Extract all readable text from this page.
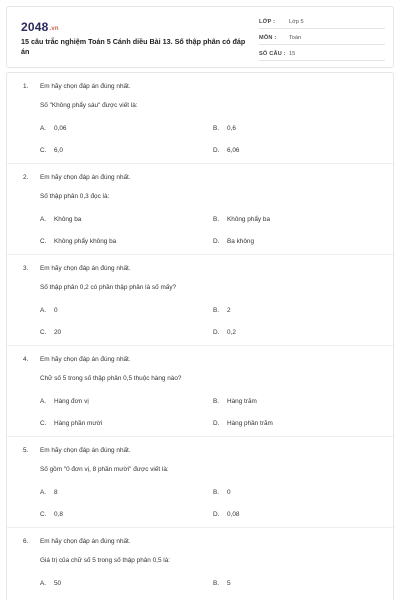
2048.vn
15 câu trắc nghiệm Toán 5 Cánh diều Bài 13. Số thập phân có đáp án
LỚP : Lớp 5
MÔN : Toán
SỐ CÂU : 15
1. Em hãy chọn đáp án đúng nhất.
Số "Không phẩy sáu" được viết là:
A. 0,06	B. 0,6
C. 6,0	D. 6,06
2. Em hãy chọn đáp án đúng nhất.
Số thập phân 0,3 đọc là:
A. Không ba	B. Không phẩy ba
C. Không phẩy không ba	D. Ba không
3. Em hãy chọn đáp án đúng nhất.
Số thập phân 0,2 có phần thập phân là số mấy?
A. 0	B. 2
C. 20	D. 0,2
4. Em hãy chọn đáp án đúng nhất.
Chữ số 5 trong số thập phân 0,5 thuộc hàng nào?
A. Hàng đơn vị	B. Hàng trăm
C. Hàng phần mười	D. Hàng phần trăm
5. Em hãy chọn đáp án đúng nhất.
Số gồm "0 đơn vị, 8 phần mười" được viết là:
A. 8	B. 0
C. 0,8	D. 0,08
6. Em hãy chọn đáp án đúng nhất.
Giá trị của chữ số 5 trong số thập phân 0,5 là:
A. 50	B. 5
